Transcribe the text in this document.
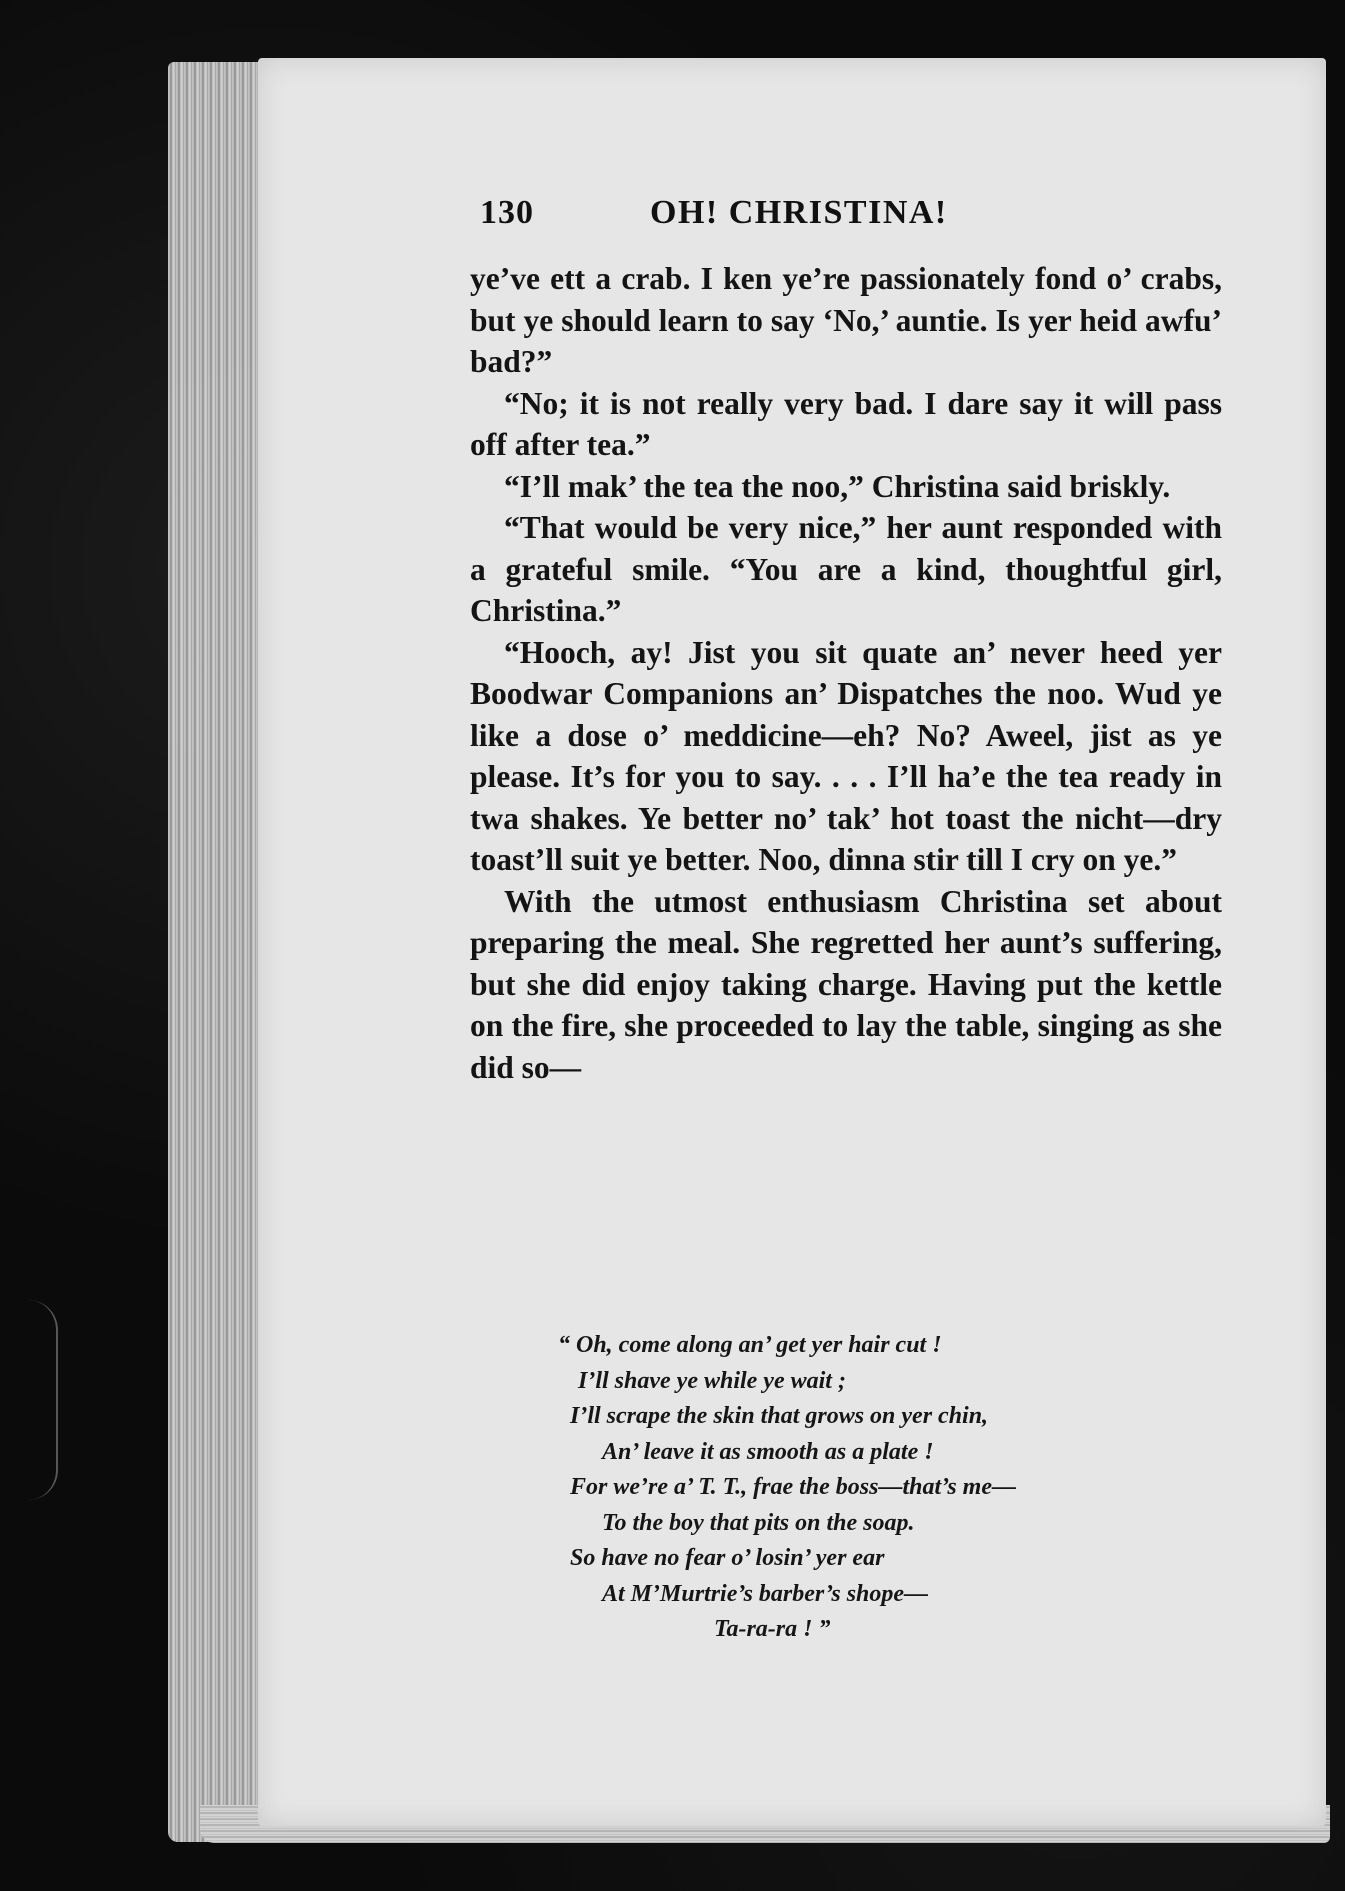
130	OH! CHRISTINA!

ye’ve ett a crab. I ken ye’re passionately fond o’ crabs, but ye should learn to say ‘No,’ auntie. Is yer heid awfu’ bad?”

“No; it is not really very bad. I dare say it will pass off after tea.”

“I’ll mak’ the tea the noo,” Christina said briskly.

“That would be very nice,” her aunt responded with a grateful smile. “You are a kind, thoughtful girl, Christina.”

“Hooch, ay! Jist you sit quate an’ never heed yer Boodwar Companions an’ Dispatches the noo. Wud ye like a dose o’ meddicine—eh? No? Aweel, jist as ye please. It’s for you to say. . . . I’ll ha’e the tea ready in twa shakes. Ye better no’ tak’ hot toast the nicht—dry toast’ll suit ye better. Noo, dinna stir till I cry on ye.”

With the utmost enthusiasm Christina set about preparing the meal. She regretted her aunt’s suffering, but she did enjoy taking charge. Having put the kettle on the fire, she proceeded to lay the table, singing as she did so—

“ Oh, come along an’ get yer hair cut !
I’ll shave ye while ye wait ;
I’ll scrape the skin that grows on yer chin,
An’ leave it as smooth as a plate !
For we’re a’ T. T., frae the boss—that’s me—
To the boy that pits on the soap.
So have no fear o’ losin’ yer ear
At M’Murtrie’s barber’s shope—
Ta-ra-ra ! ”
